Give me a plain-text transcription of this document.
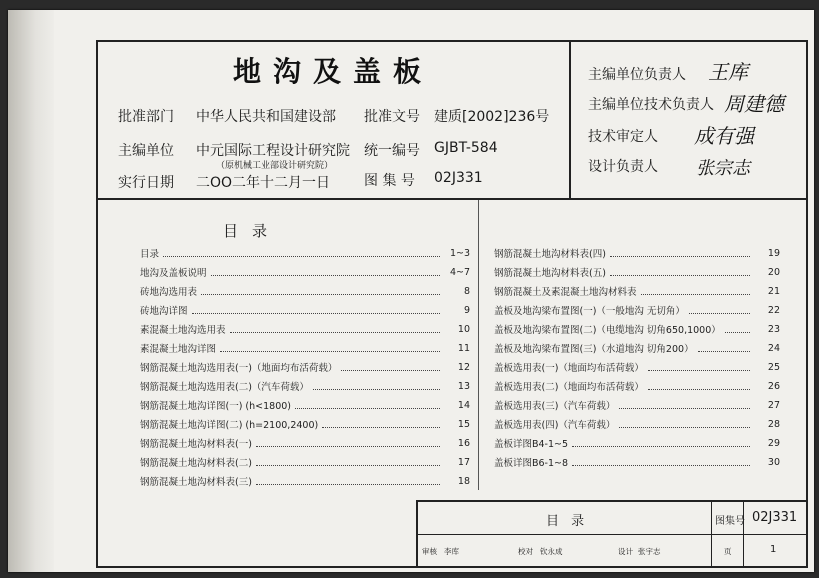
地沟及盖板
批准部门 中华人民共和国建设部 批准文号 建质[2002]236号
主编单位 中元国际工程设计研究院
（原机械工业部设计研究院）
统一编号 GJBT-584
实行日期 二OO二年十二月一日 图 集 号 02J331
主编单位负责人 王库
主编单位技术负责人 周建德
技术审定人 成有强
设计负责人 张宗志
目录
目录	1~3
地沟及盖板说明	4~7
砖地沟选用表	8
砖地沟详图	9
素混凝土地沟选用表	10
素混凝土地沟详图	11
钢筋混凝土地沟选用表(一)（地面均布活荷载）	12
钢筋混凝土地沟选用表(二)（汽车荷载）	13
钢筋混凝土地沟详图(一) (h<1800)	14
钢筋混凝土地沟详图(二) (h=2100,2400)	15
钢筋混凝土地沟材料表(一)	16
钢筋混凝土地沟材料表(二)	17
钢筋混凝土地沟材料表(三)	18
钢筋混凝土地沟材料表(四)	19
钢筋混凝土地沟材料表(五)	20
钢筋混凝土及素混凝土地沟材料表	21
盖板及地沟梁布置图(一)（一般地沟 无切角）	22
盖板及地沟梁布置图(二)（电缆地沟 切角650,1000）	23
盖板及地沟梁布置图(三)（水道地沟 切角200）	24
盖板选用表(一)（地面均布活荷载）	25
盖板选用表(二)（地面均布活荷载）	26
盖板选用表(三)（汽车荷载）	27
盖板选用表(四)（汽车荷载）	28
盖板详图B4-1~5	29
盖板详图B6-1~8	30
目 录	图集号 02J331
审核 李库	校对 钦永成	设计 张宇志	页	1
